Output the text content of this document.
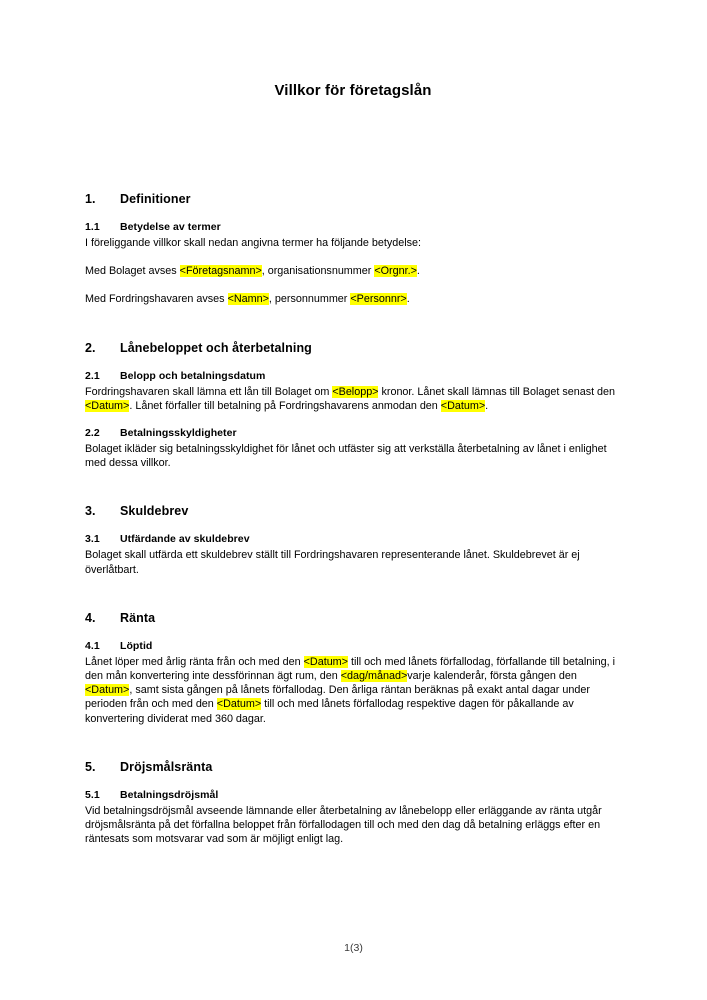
Villkor för företagslån
1.	Definitioner
1.1	Betydelse av termer

I föreliggande villkor skall nedan angivna termer ha följande betydelse:

Med Bolaget avses <Företagsnamn>, organisationsnummer <Orgnr.>.

Med Fordringshavaren avses <Namn>, personnummer <Personnr>.

2.	Lånebeloppet och återbetalning
2.1	Belopp och betalningsdatum

Fordringshavaren skall lämna ett lån till Bolaget om <Belopp> kronor. Lånet skall lämnas till Bolaget senast den <Datum>. Lånet förfaller till betalning på Fordringshavarens anmodan den <Datum>.

2.2	Betalningsskyldigheter

Bolaget ikläder sig betalningsskyldighet för lånet och utfäster sig att verkställa återbetalning av lånet i enlighet med dessa villkor.

3.	Skuldebrev
3.1	Utfärdande av skuldebrev

Bolaget skall utfärda ett skuldebrev ställt till Fordringshavaren representerande lånet. Skuldebrevet är ej överlåtbart.

4.	Ränta
4.1	Löptid

Lånet löper med årlig ränta från och med den <Datum> till och med lånets förfallodag, förfallande till betalning, i den mån konvertering inte dessförinnan ägt rum, den <dag/månad>varje kalenderår, första gången den <Datum>, samt sista gången på lånets förfallodag. Den årliga räntan beräknas på exakt antal dagar under perioden från och med den <Datum> till och med lånets förfallodag respektive dagen för påkallande av konvertering dividerat med 360 dagar.

5.	Dröjsmålsränta
5.1	Betalningsdröjsmål

Vid betalningsdröjsmål avseende lämnande eller återbetalning av lånebelopp eller erläggande av ränta utgår dröjsmålsränta på det förfallna beloppet från förfallodagen till och med den dag då betalning erläggs efter en räntesats som motsvarar vad som är möjligt enligt lag.

1(3)
